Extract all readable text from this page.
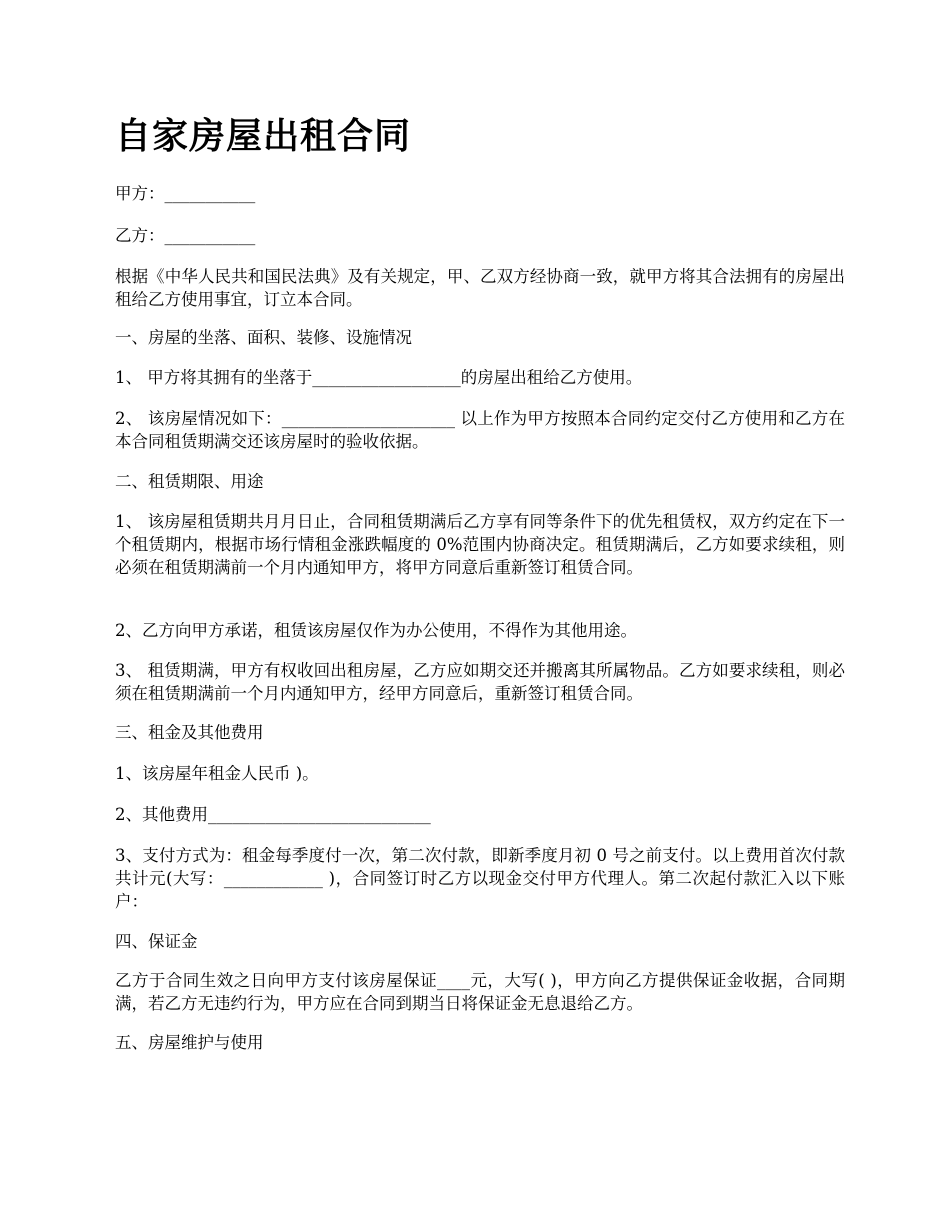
自家房屋出租合同

甲方：___________

乙方：___________

根据《中华人民共和国民法典》及有关规定，甲、乙双方经协商一致，就甲方将其合法拥有的房屋出租给乙方使用事宜，订立本合同。

一、房屋的坐落、面积、装修、设施情况

1、 甲方将其拥有的坐落于__________________的房屋出租给乙方使用。

2、 该房屋情况如下：_____________________ 以上作为甲方按照本合同约定交付乙方使用和乙方在本合同租赁期满交还该房屋时的验收依据。

二、租赁期限、用途

1、 该房屋租赁期共月月日止，合同租赁期满后乙方享有同等条件下的优先租赁权，双方约定在下一个租赁期内，根据市场行情租金涨跌幅度的 0%范围内协商决定。租赁期满后，乙方如要求续租，则必须在租赁期满前一个月内通知甲方，将甲方同意后重新签订租赁合同。

2、乙方向甲方承诺，租赁该房屋仅作为办公使用，不得作为其他用途。

3、 租赁期满，甲方有权收回出租房屋，乙方应如期交还并搬离其所属物品。乙方如要求续租，则必须在租赁期满前一个月内通知甲方，经甲方同意后，重新签订租赁合同。

三、租金及其他费用

1、该房屋年租金人民币 )。

2、其他费用___________________________

3、支付方式为：租金每季度付一次，第二次付款，即新季度月初 0 号之前支付。以上费用首次付款共计元(大写：____________ )，合同签订时乙方以现金交付甲方代理人。第二次起付款汇入以下账户：

四、保证金

乙方于合同生效之日向甲方支付该房屋保证____元，大写( )，甲方向乙方提供保证金收据，合同期满，若乙方无违约行为，甲方应在合同到期当日将保证金无息退给乙方。

五、房屋维护与使用
